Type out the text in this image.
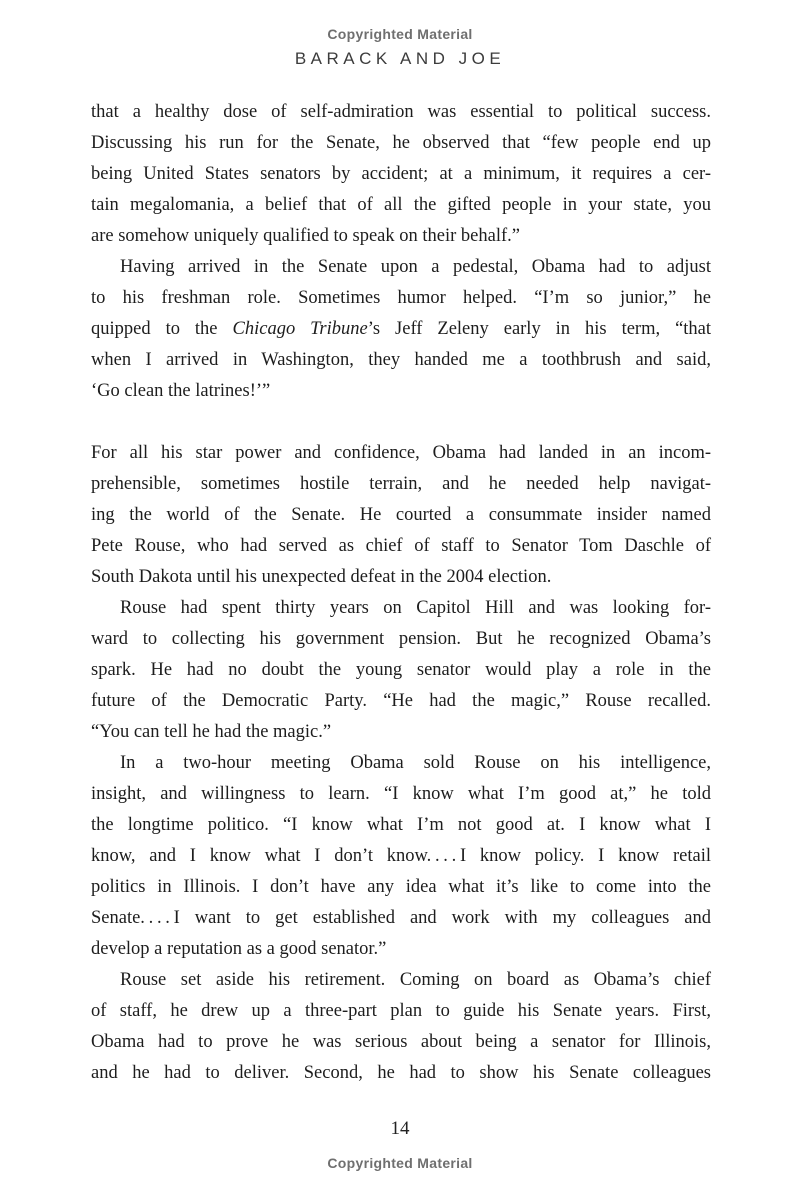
Copyrighted Material
BARACK AND JOE
that a healthy dose of self-admiration was essential to political success.
Discussing his run for the Senate, he observed that “few people end up
being United States senators by accident; at a minimum, it requires a cer-
tain megalomania, a belief that of all the gifted people in your state, you
are somehow uniquely qualified to speak on their behalf.”
Having arrived in the Senate upon a pedestal, Obama had to adjust
to his freshman role. Sometimes humor helped. “I’m so junior,” he
quipped to the Chicago Tribune’s Jeff Zeleny early in his term, “that
when I arrived in Washington, they handed me a toothbrush and said,
‘Go clean the latrines!’”
For all his star power and confidence, Obama had landed in an incom-
prehensible, sometimes hostile terrain, and he needed help navigat-
ing the world of the Senate. He courted a consummate insider named
Pete Rouse, who had served as chief of staff to Senator Tom Daschle of
South Dakota until his unexpected defeat in the 2004 election.
Rouse had spent thirty years on Capitol Hill and was looking for-
ward to collecting his government pension. But he recognized Obama’s
spark. He had no doubt the young senator would play a role in the
future of the Democratic Party. “He had the magic,” Rouse recalled.
“You can tell he had the magic.”
In a two-hour meeting Obama sold Rouse on his intelligence,
insight, and willingness to learn. “I know what I’m good at,” he told
the longtime politico. “I know what I’m not good at. I know what I
know, and I know what I don’t know. . . . I know policy. I know retail
politics in Illinois. I don’t have any idea what it’s like to come into the
Senate. . . . I want to get established and work with my colleagues and
develop a reputation as a good senator.”
Rouse set aside his retirement. Coming on board as Obama’s chief
of staff, he drew up a three-part plan to guide his Senate years. First,
Obama had to prove he was serious about being a senator for Illinois,
and he had to deliver. Second, he had to show his Senate colleagues
14
Copyrighted Material
